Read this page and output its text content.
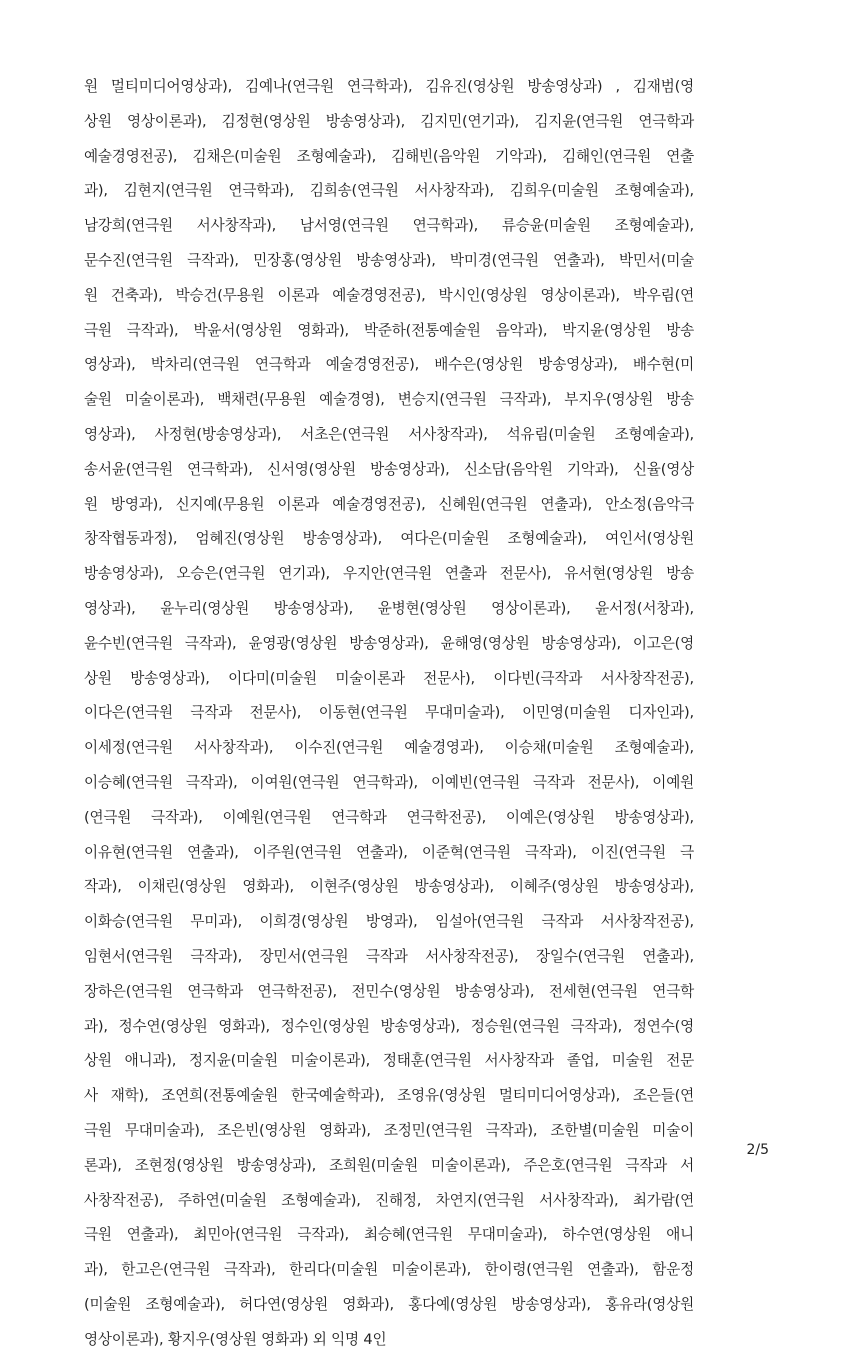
원 멀티미디어영상과), 김예나(연극원 연극학과), 김유진(영상원 방송영상과) , 김재범(영
상원 영상이론과), 김정현(영상원 방송영상과), 김지민(연기과), 김지윤(연극원 연극학과
예술경영전공), 김채은(미술원 조형예술과), 김해빈(음악원 기악과), 김해인(연극원 연출
과), 김현지(연극원 연극학과), 김희송(연극원 서사창작과), 김희우(미술원 조형예술과),
남강희(연극원 서사창작과), 남서영(연극원 연극학과), 류승윤(미술원 조형예술과),
문수진(연극원 극작과), 민장홍(영상원 방송영상과), 박미경(연극원 연출과), 박민서(미술
원 건축과), 박승건(무용원 이론과 예술경영전공), 박시인(영상원 영상이론과), 박우림(연
극원 극작과), 박윤서(영상원 영화과), 박준하(전통예술원 음악과), 박지윤(영상원 방송
영상과), 박차리(연극원 연극학과 예술경영전공), 배수은(영상원 방송영상과), 배수현(미
술원 미술이론과), 백채련(무용원 예술경영), 변승지(연극원 극작과), 부지우(영상원 방송
영상과), 사정현(방송영상과), 서초은(연극원 서사창작과), 석유림(미술원 조형예술과),
송서윤(연극원 연극학과), 신서영(영상원 방송영상과), 신소담(음악원 기악과), 신율(영상
원 방영과), 신지예(무용원 이론과 예술경영전공), 신혜원(연극원 연출과), 안소정(음악극
창작협동과정), 엄혜진(영상원 방송영상과), 여다은(미술원 조형예술과), 여인서(영상원
방송영상과), 오승은(연극원 연기과), 우지안(연극원 연출과 전문사), 유서현(영상원 방송
영상과), 윤누리(영상원 방송영상과), 윤병현(영상원 영상이론과), 윤서정(서창과),
윤수빈(연극원 극작과), 윤영광(영상원 방송영상과), 윤해영(영상원 방송영상과), 이고은(영
상원 방송영상과), 이다미(미술원 미술이론과 전문사), 이다빈(극작과 서사창작전공),
이다은(연극원 극작과 전문사), 이동현(연극원 무대미술과), 이민영(미술원 디자인과),
이세정(연극원 서사창작과), 이수진(연극원 예술경영과), 이승채(미술원 조형예술과),
이승혜(연극원 극작과), 이여원(연극원 연극학과), 이예빈(연극원 극작과 전문사), 이예원
(연극원 극작과), 이예원(연극원 연극학과 연극학전공), 이예은(영상원 방송영상과),
이유현(연극원 연출과), 이주원(연극원 연출과), 이준혁(연극원 극작과), 이진(연극원 극
작과), 이채린(영상원 영화과), 이현주(영상원 방송영상과), 이혜주(영상원 방송영상과),
이화승(연극원 무미과), 이희경(영상원 방영과), 임설아(연극원 극작과 서사창작전공),
임현서(연극원 극작과), 장민서(연극원 극작과 서사창작전공), 장일수(연극원 연출과),
장하은(연극원 연극학과 연극학전공), 전민수(영상원 방송영상과), 전세현(연극원 연극학
과), 정수연(영상원 영화과), 정수인(영상원 방송영상과), 정승원(연극원 극작과), 정연수(영
상원 애니과), 정지윤(미술원 미술이론과), 정태훈(연극원 서사창작과 졸업, 미술원 전문
사 재학), 조연희(전통예술원 한국예술학과), 조영유(영상원 멀티미디어영상과), 조은들(연
극원 무대미술과), 조은빈(영상원 영화과), 조정민(연극원 극작과), 조한별(미술원 미술이
론과), 조현정(영상원 방송영상과), 조희원(미술원 미술이론과), 주은호(연극원 극작과 서
사창작전공), 주하연(미술원 조형예술과), 진해정, 차연지(연극원 서사창작과), 최가람(연
극원 연출과), 최민아(연극원 극작과), 최승혜(연극원 무대미술과), 하수연(영상원 애니
과), 한고은(연극원 극작과), 한리다(미술원 미술이론과), 한이령(연극원 연출과), 함운정
(미술원 조형예술과), 허다연(영상원 영화과), 홍다예(영상원 방송영상과), 홍유라(영상원
영상이론과), 황지우(영상원 영화과) 외 익명 4인
2/5
